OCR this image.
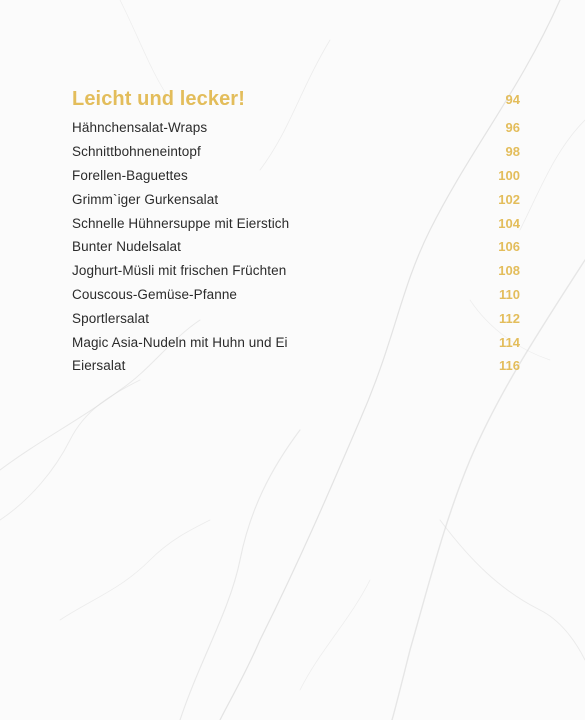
Leicht und lecker!	94
Hähnchensalat-Wraps	96
Schnittbohneneintopf	98
Forellen-Baguettes	100
Grimm`iger Gurkensalat	102
Schnelle Hühnersuppe mit Eierstich	104
Bunter Nudelsalat	106
Joghurt-Müsli mit frischen Früchten	108
Couscous-Gemüse-Pfanne	110
Sportlersalat	112
Magic Asia-Nudeln mit Huhn und Ei	114
Eiersalat	116
